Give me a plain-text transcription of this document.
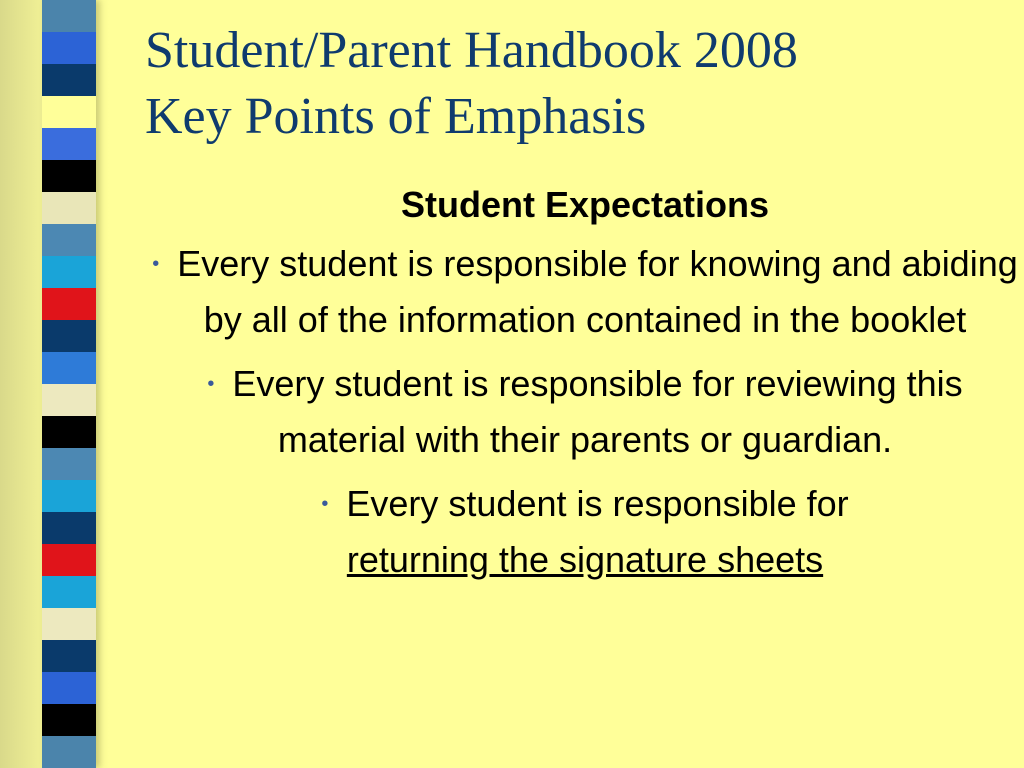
Student/Parent Handbook 2008
Key Points of Emphasis
Student Expectations
• Every student is responsible for knowing and abiding by all of the information contained in the booklet
• Every student is responsible for reviewing this material with their parents or guardian.
• Every student is responsible for
returning the signature sheets
